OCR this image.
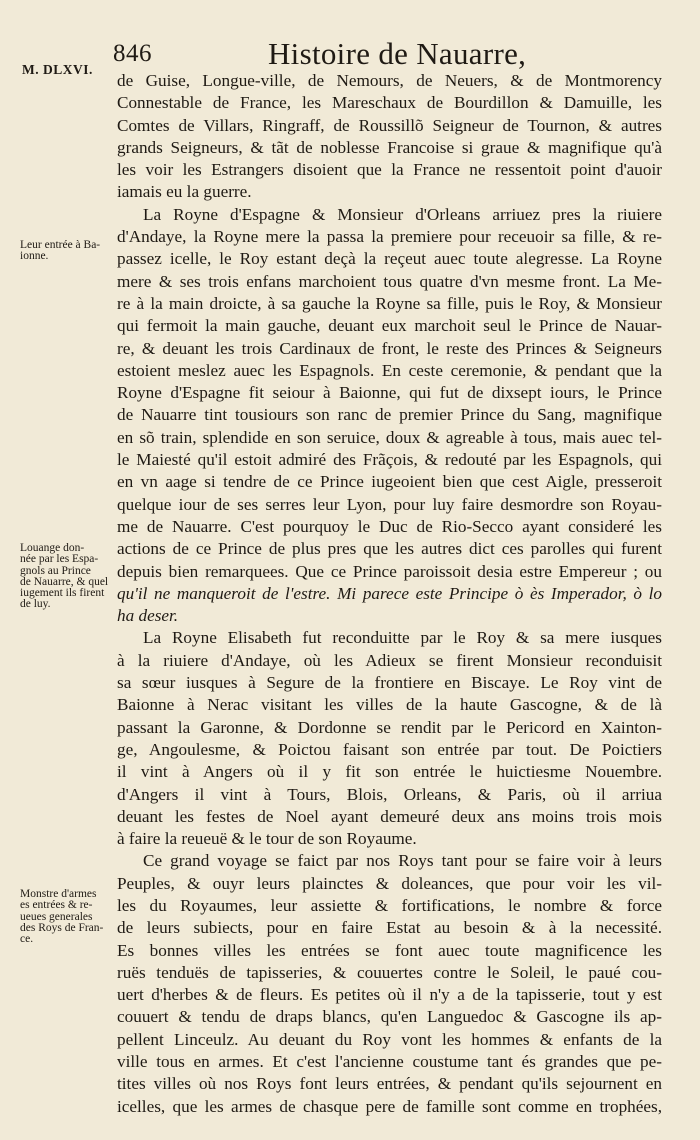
846	Histoire de Nauarre,
M. DLXVI.
Leur entrée à Ba-
ionne.
Louange don-
née par les Espa-
gnols au Prince
de Nauarre, & quel
iugement ils firent
de luy.
Monstre d'armes
es entrées & re-
ueues generales
des Roys de Fran-
ce.
de Guise, Longue-ville, de Nemours, de Neuers, & de Montmorency
Connestable de France, les Mareschaux de Bourdillon & Damuille, les
Comtes de Villars, Ringraff, de Roussillõ Seigneur de Tournon, & autres
grands Seigneurs, & tãt de noblesse Francoise si graue & magnifique qu'à
les voir les Estrangers disoient que la France ne ressentoit point d'auoir
iamais eu la guerre.
La Royne d'Espagne & Monsieur d'Orleans arriuez pres la riuiere
d'Andaye, la Royne mere la passa la premiere pour receuoir sa fille, & re-
passez icelle, le Roy estant deçà la reçeut auec toute alegresse. La Royne
mere & ses trois enfans marchoient tous quatre d'vn mesme front. La Me-
re à la main droicte, à sa gauche la Royne sa fille, puis le Roy, & Monsieur
qui fermoit la main gauche, deuant eux marchoit seul le Prince de Nauar-
re, & deuant les trois Cardinaux de front, le reste des Princes & Seigneurs
estoient meslez auec les Espagnols. En ceste ceremonie, & pendant que la
Royne d'Espagne fit seiour à Baionne, qui fut de dixsept iours, le Prince
de Nauarre tint tousiours son ranc de premier Prince du Sang, magnifique
en sõ train, splendide en son seruice, doux & agreable à tous, mais auec tel-
le Maiesté qu'il estoit admiré des Frãçois, & redouté par les Espagnols, qui
en vn aage si tendre de ce Prince iugeoient bien que cest Aigle, presseroit
quelque iour de ses serres leur Lyon, pour luy faire desmordre son Royau-
me de Nauarre. C'est pourquoy le Duc de Rio-Secco ayant consideré les
actions de ce Prince de plus pres que les autres dict ces parolles qui furent
depuis bien remarquees. Que ce Prince paroissoit desia estre Empereur ; ou
qu'il ne manqueroit de l'estre. Mi parece este Principe ò ès Imperador, ò lo
ha deser.
La Royne Elisabeth fut reconduitte par le Roy & sa mere iusques
à la riuiere d'Andaye, où les Adieux se firent Monsieur reconduisit
sa sœur iusques à Segure de la frontiere en Biscaye. Le Roy vint de
Baionne à Nerac visitant les villes de la haute Gascogne, & de là
passant la Garonne, & Dordonne se rendit par le Pericord en Xainton-
ge, Angoulesme, & Poictou faisant son entrée par tout. De Poictiers
il vint à Angers où il y fit son entrée le huictiesme Nouembre.
d'Angers il vint à Tours, Blois, Orleans, & Paris, où il arriua
deuant les festes de Noel ayant demeuré deux ans moins trois mois
à faire la reueuë & le tour de son Royaume.
Ce grand voyage se faict par nos Roys tant pour se faire voir à leurs
Peuples, & ouyr leurs plainctes & doleances, que pour voir les vil-
les du Royaumes, leur assiette & fortifications, le nombre & force
de leurs subiects, pour en faire Estat au besoin & à la necessité.
Es bonnes villes les entrées se font auec toute magnificence les
ruës tenduës de tapisseries, & couuertes contre le Soleil, le paué cou-
uert d'herbes & de fleurs. Es petites où il n'y a de la tapisserie, tout y est
couuert & tendu de draps blancs, qu'en Languedoc & Gascogne ils ap-
pellent Linceulz. Au deuant du Roy vont les hommes & enfants de la
ville tous en armes. Et c'est l'ancienne coustume tant és grandes que pe-
tites villes où nos Roys font leurs entrées, & pendant qu'ils sejournent en
icelles, que les armes de chasque pere de famille sont comme en trophées,
